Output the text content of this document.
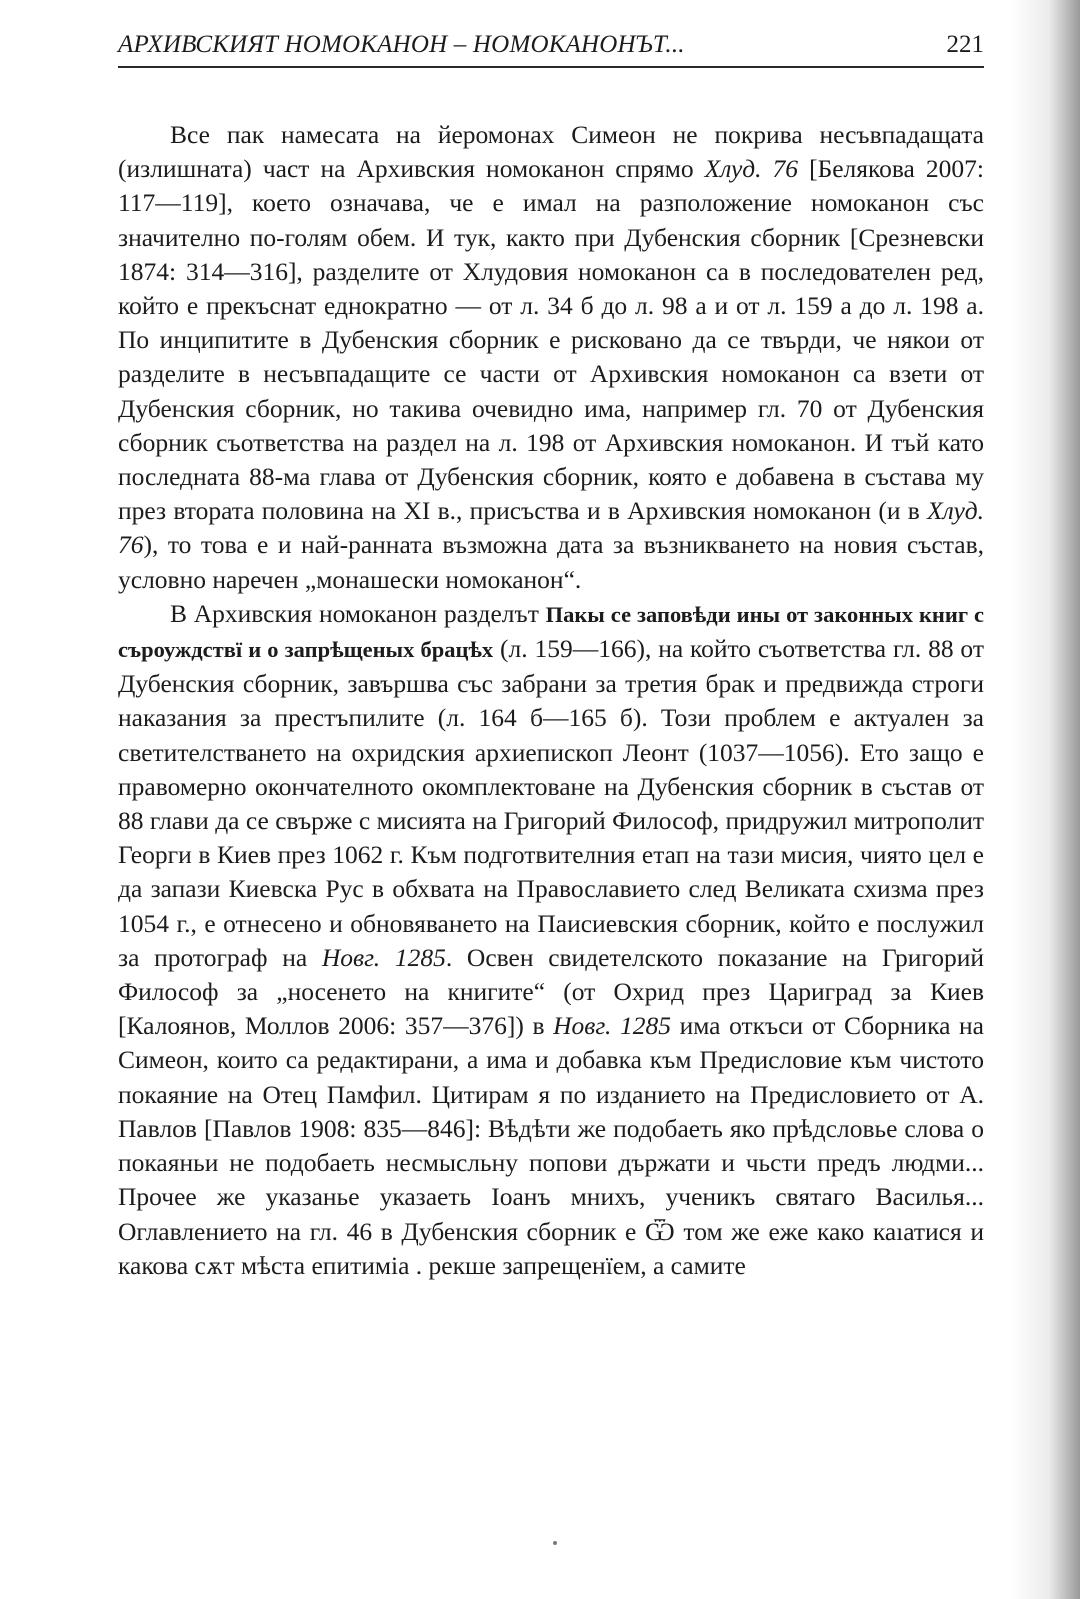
АРХИВСКИЯТ НОМОКАНОН – НОМОКАНОНЪТ...	221

Все пак намесата на йеромонах Симеон не покрива несъвпадащата (излишната) част на Архивския номоканон спрямо Хлуд. 76 [Белякова 2007: 117—119], което означава, че е имал на разположение номоканон със значително по-голям обем. И тук, както при Дубенския сборник [Срезневски 1874: 314—316], разделите от Хлудовия номоканон са в последователен ред, който е прекъснат еднократно — от л. 34 б до л. 98 а и от л. 159 а до л. 198 а. По инципитите в Дубенския сборник е рисковано да се твърди, че някои от разделите в несъвпадащите се части от Архивския номоканон са взети от Дубенския сборник, но такива очевидно има, например гл. 70 от Дубенския сборник съответства на раздел на л. 198 от Архивския номоканон. И тъй като последната 88-ма глава от Дубенския сборник, която е добавена в състава му през втората половина на XI в., присъства и в Архивския номоканон (и в Хлуд. 76), то това е и най-ранната възможна дата за възникването на новия състав, условно наречен „монашески номоканон“.

В Архивския номоканон разделът Пакы се заповѣди ины от законных книг с съроуждствї и о запрѣщеных брацѣх (л. 159—166), на който съответства гл. 88 от Дубенския сборник, завършва със забрани за третия брак и предвижда строги наказания за престъпилите (л. 164 б—165 б). Този проблем е актуален за светителстването на охридския архиепископ Леонт (1037—1056). Ето защо е правомерно окончателното окомплектоване на Дубенския сборник в състав от 88 глави да се свърже с мисията на Григорий Философ, придружил митрополит Георги в Киев през 1062 г. Към подготвителния етап на тази мисия, чиято цел е да запази Киевска Рус в обхвата на Православието след Великата схизма през 1054 г., е отнесено и обновяването на Паисиевския сборник, който е послужил за протограф на Новг. 1285. Освен свидетелското показание на Григорий Философ за „носенето на книгите“ (от Охрид през Цариград за Киев [Калоянов, Моллов 2006: 357—376]) в Новг. 1285 има откъси от Сборника на Симеон, които са редактирани, а има и добавка към Предисловие към чистото покаяние на Отец Памфил. Цитирам я по изданието на Предисловието от А. Павлов [Павлов 1908: 835—846]: Вѣдѣти же подобаеть яко прѣдсловье слова о покаяньи не подобаеть несмысльну попови държати и чьсти предъ людми... Прочее же указанье указаеть Іоанъ мнихъ, ученикъ святаго Василья... Оглавлението на гл. 46 в Дубенския сборник е Ѿ том же еже како каıатися и какова сѫт мѣста епитиміа . рекше запрещенїем, а самите
